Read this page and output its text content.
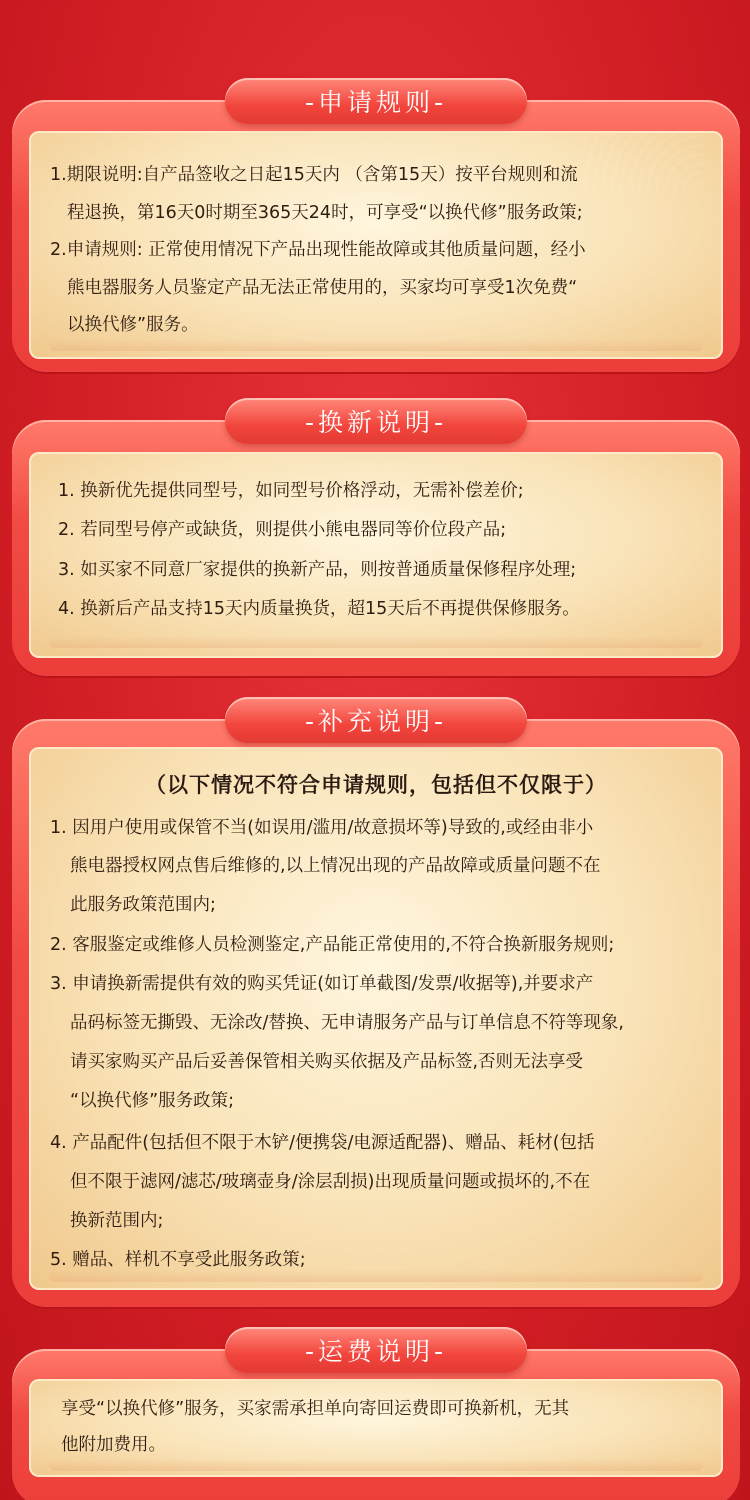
1.期限说明:自产品签收之日起15天内 （含第15天）按平台规则和流
程退换，第16天0时期至365天24时，可享受“以换代修”服务政策;
2.申请规则: 正常使用情况下产品出现性能故障或其他质量问题，经小
熊电器服务人员鉴定产品无法正常使用的，买家均可享受1次免费“
以换代修”服务。
-申请规则-
1. 换新优先提供同型号，如同型号价格浮动，无需补偿差价;
2. 若同型号停产或缺货，则提供小熊电器同等价位段产品;
3. 如买家不同意厂家提供的换新产品，则按普通质量保修程序处理;
4. 换新后产品支持15天内质量换货，超15天后不再提供保修服务。
-换新说明-
（以下情况不符合申请规则，包括但不仅限于）
1. 因用户使用或保管不当(如误用/滥用/故意损坏等)导致的,或经由非小
熊电器授权网点售后维修的,以上情况出现的产品故障或质量问题不在
此服务政策范围内;
2. 客服鉴定或维修人员检测鉴定,产品能正常使用的,不符合换新服务规则;
3. 申请换新需提供有效的购买凭证(如订单截图/发票/收据等),并要求产
品码标签无撕毁、无涂改/替换、无申请服务产品与订单信息不符等现象,
请买家购买产品后妥善保管相关购买依据及产品标签,否则无法享受
“以换代修”服务政策;
4. 产品配件(包括但不限于木铲/便携袋/电源适配器)、赠品、耗材(包括
但不限于滤网/滤芯/玻璃壶身/涂层刮损)出现质量问题或损坏的,不在
换新范围内;
5. 赠品、样机不享受此服务政策;
-补充说明-
享受“以换代修”服务，买家需承担单向寄回运费即可换新机，无其
他附加费用。
-运费说明-
